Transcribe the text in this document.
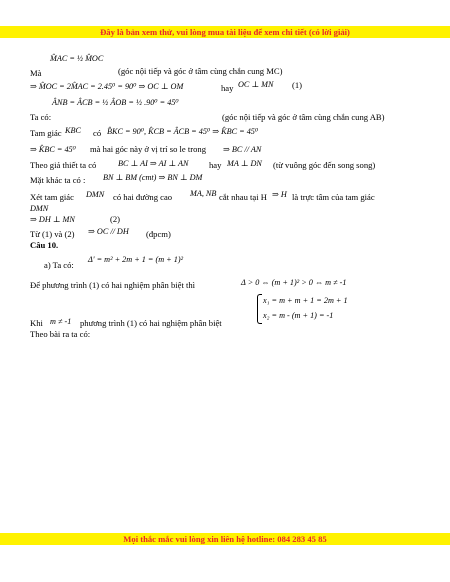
Đây là bản xem thử, vui lòng mua tài liệu để xem chi tiết (có lời giải)
M̂AC = ½ M̂OC
Mà	(góc nội tiếp và góc ở tâm cùng chắn cung MC)
⇒ M̂OC = 2M̂AC = 2.45⁰ = 90⁰ ⇒ OC ⊥ OM	hay OC ⊥ MN (1)
ÂNB = ÂCB = ½ ÂOB = ½ .90⁰ = 45⁰
Ta có:	(góc nội tiếp và góc ở tâm cùng chắn cung AB)
Tam giác KBC có B̂KC = 90⁰, K̂CB = ÂCB = 45⁰ ⇒ K̂BC = 45⁰
⇒ K̂BC = 45⁰ mà hai góc này ở vị trí so le trong ⇒ BC // AN
Theo giả thiết ta có	BC ⊥ AI ⇒ AI ⊥ AN hay MA ⊥ DN (từ vuông góc đến song song)
Mặt khác ta có : BN ⊥ BM (cmt) ⇒ BN ⊥ DM
Xét tam giác DMN có hai đường cao MA, NB cắt nhau tại H ⇒ H là trực tâm của tam giác
DMN
⇒ DH ⊥ MN	(2)
Từ (1) và (2) ⇒ OC // DH (đpcm)
Câu 10.
a) Ta có:
Δ' = m² + 2m + 1 = (m + 1)²
Để phương trình (1) có hai nghiệm phân biệt thì	Δ > 0 ⇔ (m + 1)² > 0 ⇔ m ≠ -1
x₁ = m + m + 1 = 2m + 1
Khi m ≠ -1 phương trình (1) có hai nghiệm phân biệt
x₂ = m - (m + 1) = -1
Theo bài ra ta có:
Mọi thắc mắc vui lòng xin liên hệ hotline: 084 283 45 85
